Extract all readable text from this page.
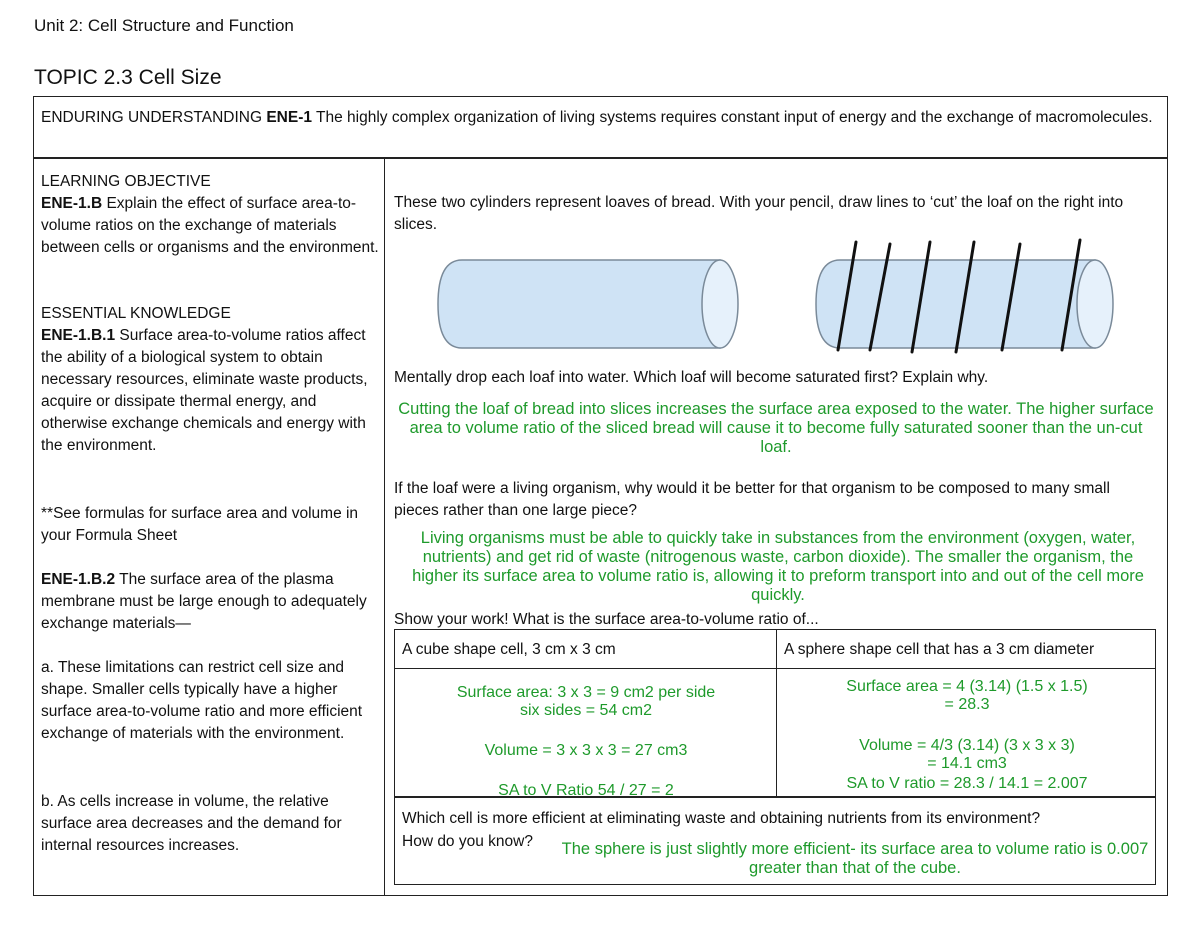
Unit 2: Cell Structure and Function
TOPIC 2.3 Cell Size
ENDURING UNDERSTANDING ENE-1 The highly complex organization of living systems requires constant input of energy and the exchange of macromolecules.
LEARNING OBJECTIVE
ENE-1.B Explain the effect of surface area-to-volume ratios on the exchange of materials between cells or organisms and the environment.
ESSENTIAL KNOWLEDGE
ENE-1.B.1 Surface area-to-volume ratios affect the ability of a biological system to obtain necessary resources, eliminate waste products, acquire or dissipate thermal energy, and otherwise exchange chemicals and energy with the environment.
**See formulas for surface area and volume in your Formula Sheet
ENE-1.B.2 The surface area of the plasma membrane must be large enough to adequately exchange materials—
a. These limitations can restrict cell size and shape. Smaller cells typically have a higher surface area-to-volume ratio and more efficient exchange of materials with the environment.
b. As cells increase in volume, the relative surface area decreases and the demand for internal resources increases.
These two cylinders represent loaves of bread. With your pencil, draw lines to ‘cut’ the loaf on the right into slices.
Mentally drop each loaf into water. Which loaf will become saturated first? Explain why.
Cutting the loaf of bread into slices increases the surface area exposed to the water. The higher surface area to volume ratio of the sliced bread will cause it to become fully saturated sooner than the un-cut loaf.
If the loaf were a living organism, why would it be better for that organism to be composed to many small pieces rather than one large piece?
Living organisms must be able to quickly take in substances from the environment (oxygen, water, nutrients) and get rid of waste (nitrogenous waste, carbon dioxide). The smaller the organism, the higher its surface area to volume ratio is, allowing it to preform transport into and out of the cell more quickly.
Show your work! What is the surface area-to-volume ratio of...
A cube shape cell, 3 cm x 3 cm	A sphere shape cell that has a 3 cm diameter
Surface area: 3 x 3 = 9 cm2 per side
six sides = 54 cm2
Volume = 3 x 3 x 3 = 27 cm3
SA to V Ratio 54 / 27 = 2
Surface area = 4 (3.14) (1.5 x 1.5)
= 28.3
Volume = 4/3 (3.14) (3 x 3 x 3)
= 14.1 cm3
SA to V ratio = 28.3 / 14.1 = 2.007
Which cell is more efficient at eliminating waste and obtaining nutrients from its environment?
How do you know? The sphere is just slightly more efficient- its surface area to volume ratio is 0.007 greater than that of the cube.
